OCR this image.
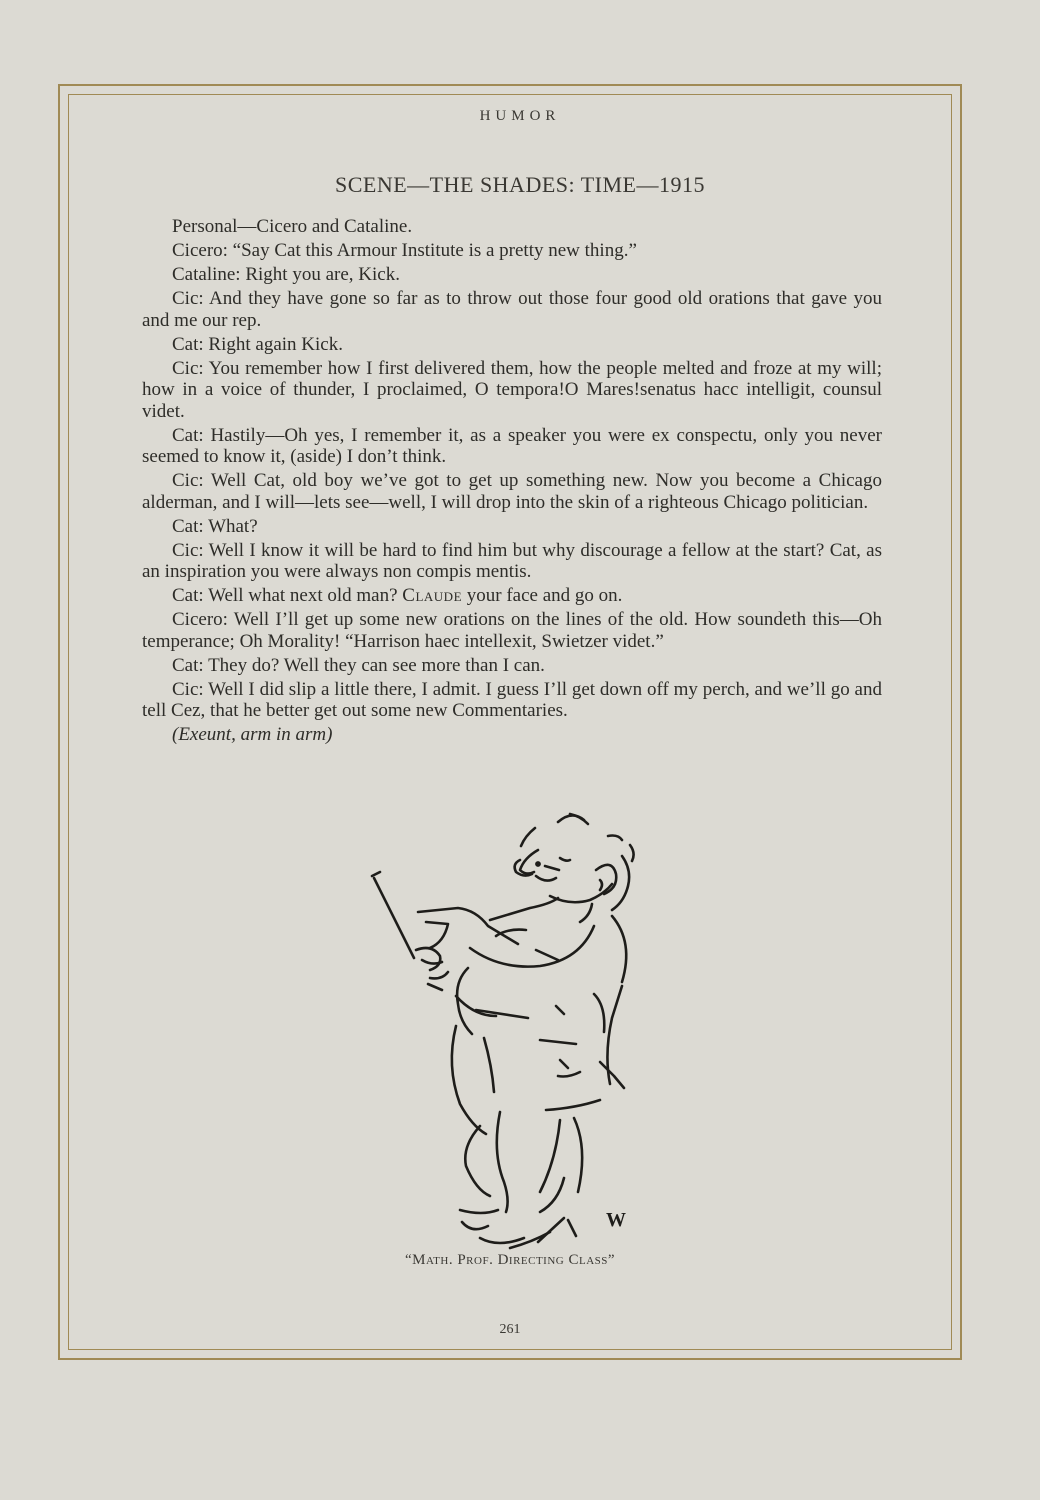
HUMOR
SCENE—THE SHADES: TIME—1915

Personal—Cicero and Cataline.

Cicero: “Say Cat this Armour Institute is a pretty new thing.”

Cataline: Right you are, Kick.

Cic: And they have gone so far as to throw out those four good old orations that gave you and me our rep.

Cat: Right again Kick.

Cic: You remember how I first delivered them, how the people melted and froze at my will; how in a voice of thunder, I proclaimed, O tempora!O Mares!senatus hacc intelligit, counsul videt.

Cat: Hastily—Oh yes, I remember it, as a speaker you were ex conspectu, only you never seemed to know it, (aside) I don’t think.

Cic: Well Cat, old boy we’ve got to get up something new. Now you become a Chicago alderman, and I will—lets see—well, I will drop into the skin of a righteous Chicago politician.

Cat: What?

Cic: Well I know it will be hard to find him but why discourage a fellow at the start? Cat, as an inspiration you were always non compis mentis.

Cat: Well what next old man? Claude your face and go on.

Cicero: Well I’ll get up some new orations on the lines of the old. How soundeth this—Oh temperance; Oh Morality! “Harrison haec intellexit, Swietzer videt.”

Cat: They do? Well they can see more than I can.

Cic: Well I did slip a little there, I admit. I guess I’ll get down off my perch, and we’ll go and tell Cez, that he better get out some new Commentaries.

(Exeunt, arm in arm)

W
“Math. Prof. Directing Class”
261
